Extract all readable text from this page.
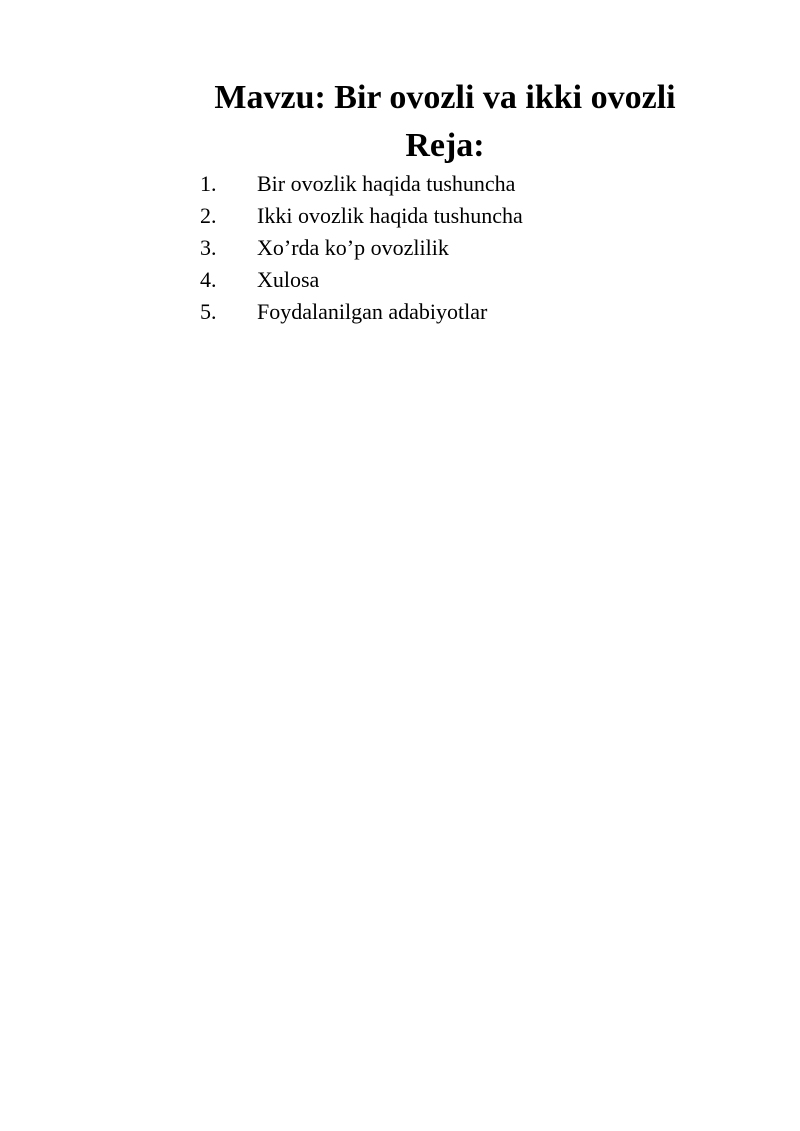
Mavzu: Bir ovozli va ikki ovozli
Reja:
1.	Bir ovozlik haqida tushuncha
2.	Ikki ovozlik haqida tushuncha
3.	Xo’rda ko’p ovozlilik
4.	Xulosa
5.	Foydalanilgan adabiyotlar
